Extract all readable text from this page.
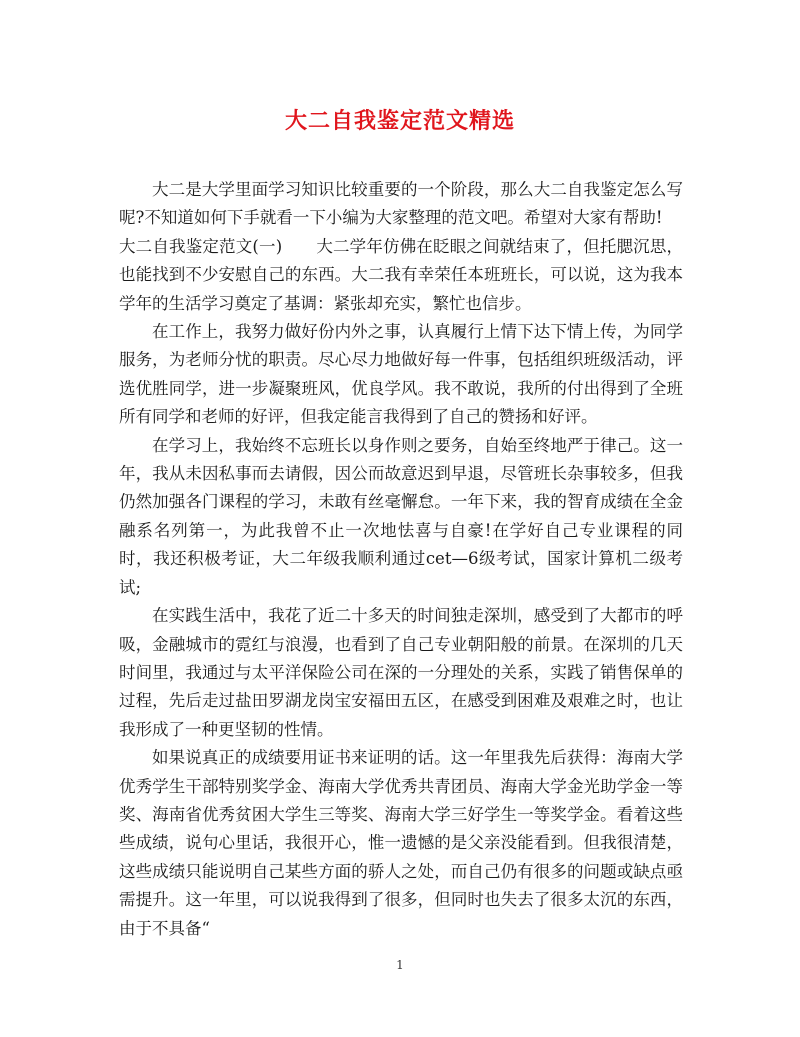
大二自我鉴定范文精选

大二是大学里面学习知识比较重要的一个阶段，那么大二自我鉴定怎么写呢?不知道如何下手就看一下小编为大家整理的范文吧。希望对大家有帮助!

大二自我鉴定范文(一) 大二学年仿佛在眨眼之间就结束了，但托腮沉思，也能找到不少安慰自己的东西。大二我有幸荣任本班班长，可以说，这为我本学年的生活学习奠定了基调：紧张却充实，繁忙也信步。

在工作上，我努力做好份内外之事，认真履行上情下达下情上传，为同学服务，为老师分忧的职责。尽心尽力地做好每一件事，包括组织班级活动，评选优胜同学，进一步凝聚班风，优良学风。我不敢说，我所的付出得到了全班所有同学和老师的好评，但我定能言我得到了自己的赞扬和好评。

在学习上，我始终不忘班长以身作则之要务，自始至终地严于律己。这一年，我从未因私事而去请假，因公而故意迟到早退，尽管班长杂事较多，但我仍然加强各门课程的学习，未敢有丝毫懈怠。一年下来，我的智育成绩在全金融系名列第一，为此我曾不止一次地怯喜与自豪!在学好自己专业课程的同时，我还积极考证，大二年级我顺利通过cet—6级考试，国家计算机二级考试;

在实践生活中，我花了近二十多天的时间独走深圳，感受到了大都市的呼吸，金融城市的霓红与浪漫，也看到了自己专业朝阳般的前景。在深圳的几天时间里，我通过与太平洋保险公司在深的一分理处的关系，实践了销售保单的过程，先后走过盐田罗湖龙岗宝安福田五区，在感受到困难及艰难之时，也让我形成了一种更坚韧的性情。

如果说真正的成绩要用证书来证明的话。这一年里我先后获得：海南大学优秀学生干部特别奖学金、海南大学优秀共青团员、海南大学金光助学金一等奖、海南省优秀贫困大学生三等奖、海南大学三好学生一等奖学金。看着这些些成绩，说句心里话，我很开心，惟一遗憾的是父亲没能看到。但我很清楚，这些成绩只能说明自己某些方面的骄人之处，而自己仍有很多的问题或缺点亟需提升。这一年里，可以说我得到了很多，但同时也失去了很多太沉的东西，由于不具备“

1
